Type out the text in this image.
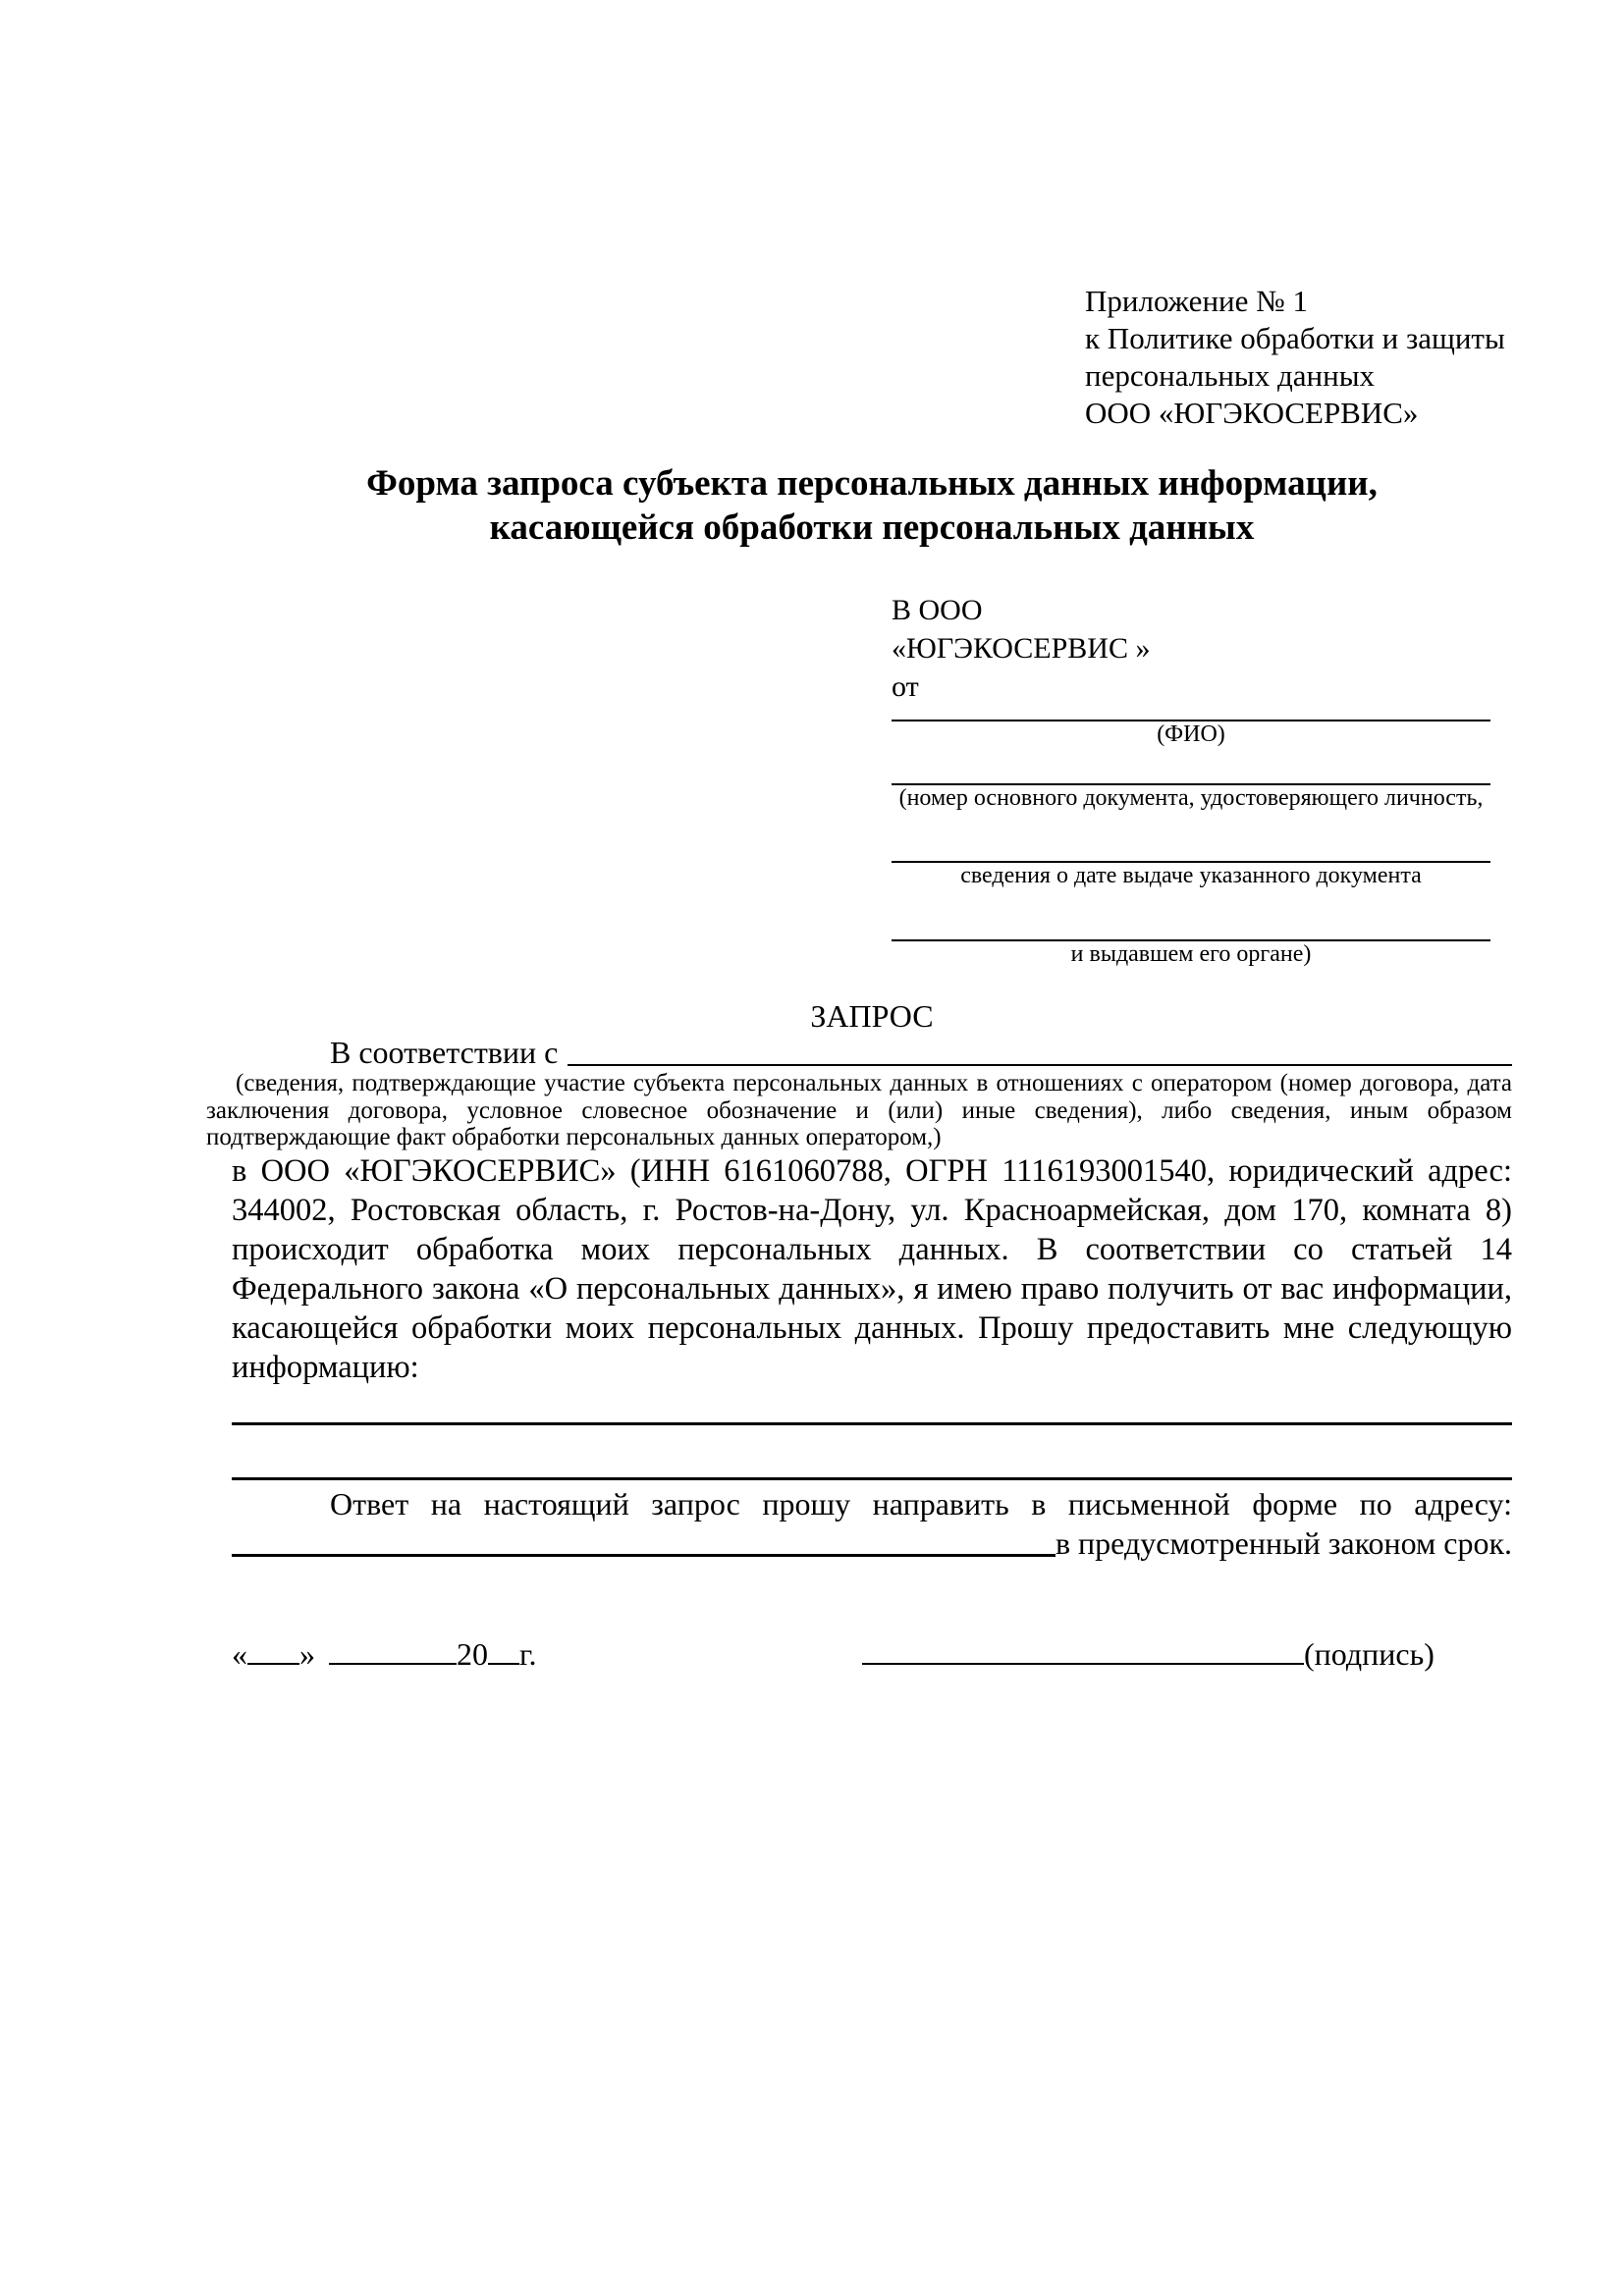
Приложение № 1
к Политике обработки и защиты
персональных данных
ООО «ЮГЭКОСЕРВИС»
Форма запроса субъекта персональных данных информации,
касающейся обработки персональных данных
В ООО
«ЮГЭКОСЕРВИС »
от
(ФИО)
(номер основного документа, удостоверяющего личность,
сведения о дате выдаче указанного документа
и выдавшем его органе)
ЗАПРОС
В соответствии с
(сведения, подтверждающие участие субъекта персональных данных в отношениях с оператором (номер договора, дата заключения договора, условное словесное обозначение и (или) иные сведения), либо сведения, иным образом подтверждающие факт обработки персональных данных оператором,)
в ООО «ЮГЭКОСЕРВИС» (ИНН 6161060788, ОГРН 1116193001540, юридический адрес: 344002, Ростовская область, г. Ростов-на-Дону, ул. Красноармейская, дом 170, комната 8) происходит обработка моих персональных данных. В соответствии со статьей 14 Федерального закона «О персональных данных», я имею право получить от вас информации, касающейся обработки моих персональных данных. Прошу предоставить мне следующую информацию:
Ответ на настоящий запрос прошу направить в письменной форме по адресу:
в предусмотренный законом срок.
« »	20 г.	(подпись)
